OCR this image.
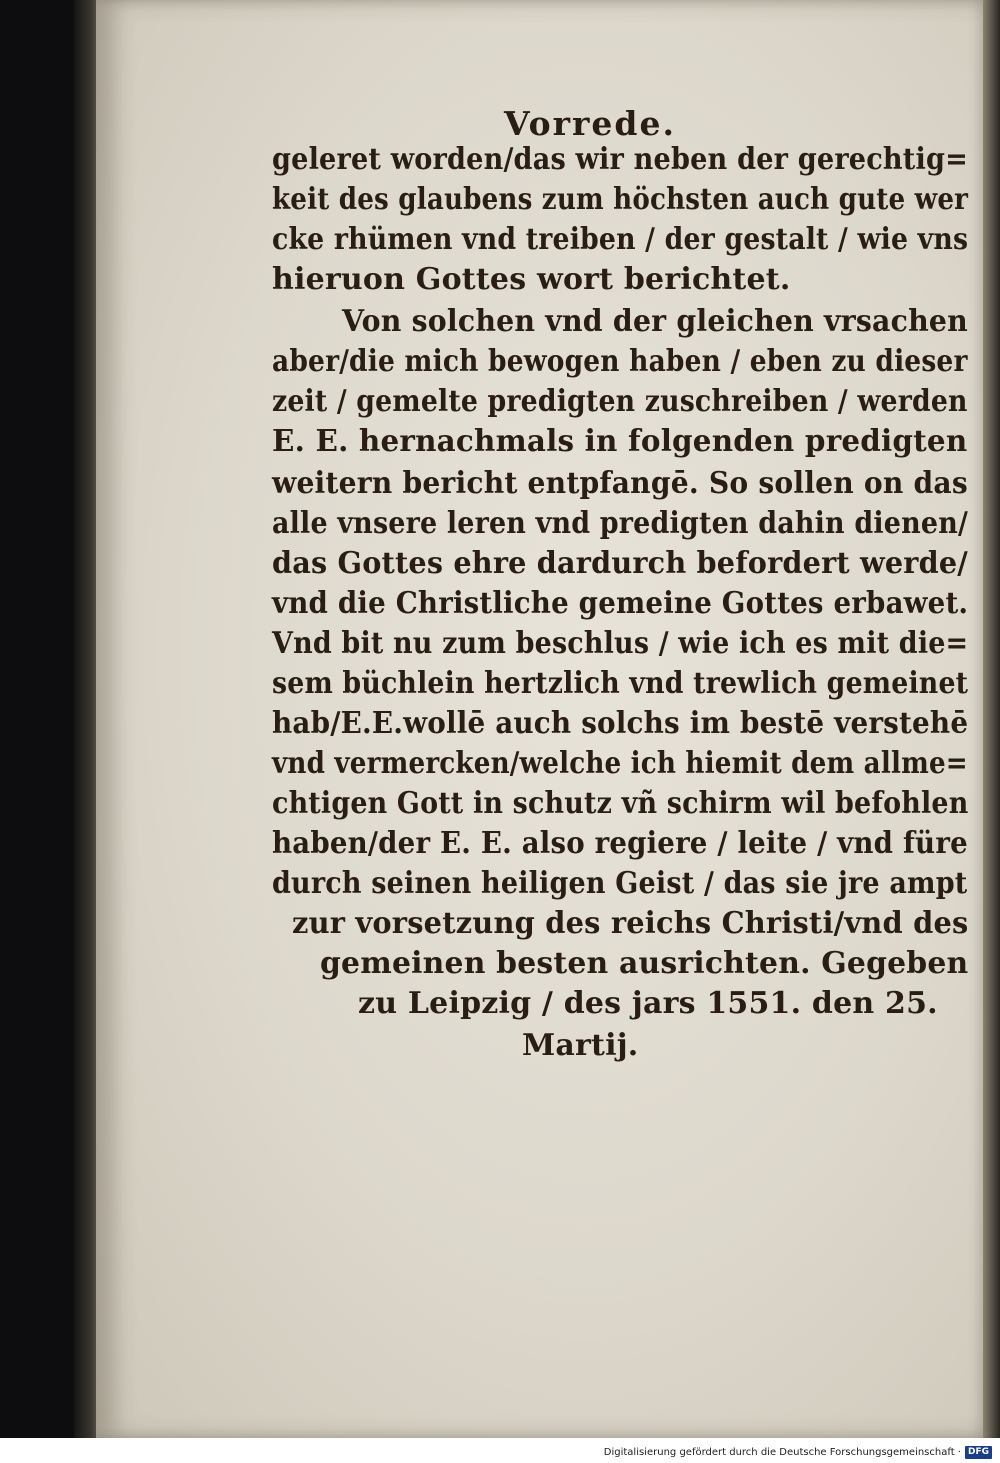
Vorrede.
geleret worden/das wir neben der gerechtig=
keit des glaubens zum höchsten auch gute wer
cke rhümen vnd treiben / der gestalt / wie vns
hieruon Gottes wort berichtet.
Von solchen vnd der gleichen vrsachen
aber/die mich bewogen haben / eben zu dieser
zeit / gemelte predigten zuschreiben / werden
E. E. hernachmals in folgenden predigten
weitern bericht entpfangē. So sollen on das
alle vnsere leren vnd predigten dahin dienen/
das Gottes ehre dardurch befordert werde/
vnd die Christliche gemeine Gottes erbawet.
Vnd bit nu zum beschlus / wie ich es mit die=
sem büchlein hertzlich vnd trewlich gemeinet
hab/E.E.wollē auch solchs im bestē verstehē
vnd vermercken/welche ich hiemit dem allme=
chtigen Gott in schutz vñ schirm wil befohlen
haben/der E. E. also regiere / leite / vnd füre
durch seinen heiligen Geist / das sie jre ampt
zur vorsetzung des reichs Christi/vnd des
gemeinen besten ausrichten. Gegeben
zu Leipzig / des jars 1551. den 25.
Martij.
Digitalisierung gefördert durch die Deutsche Forschungsgemeinschaft · DFG
